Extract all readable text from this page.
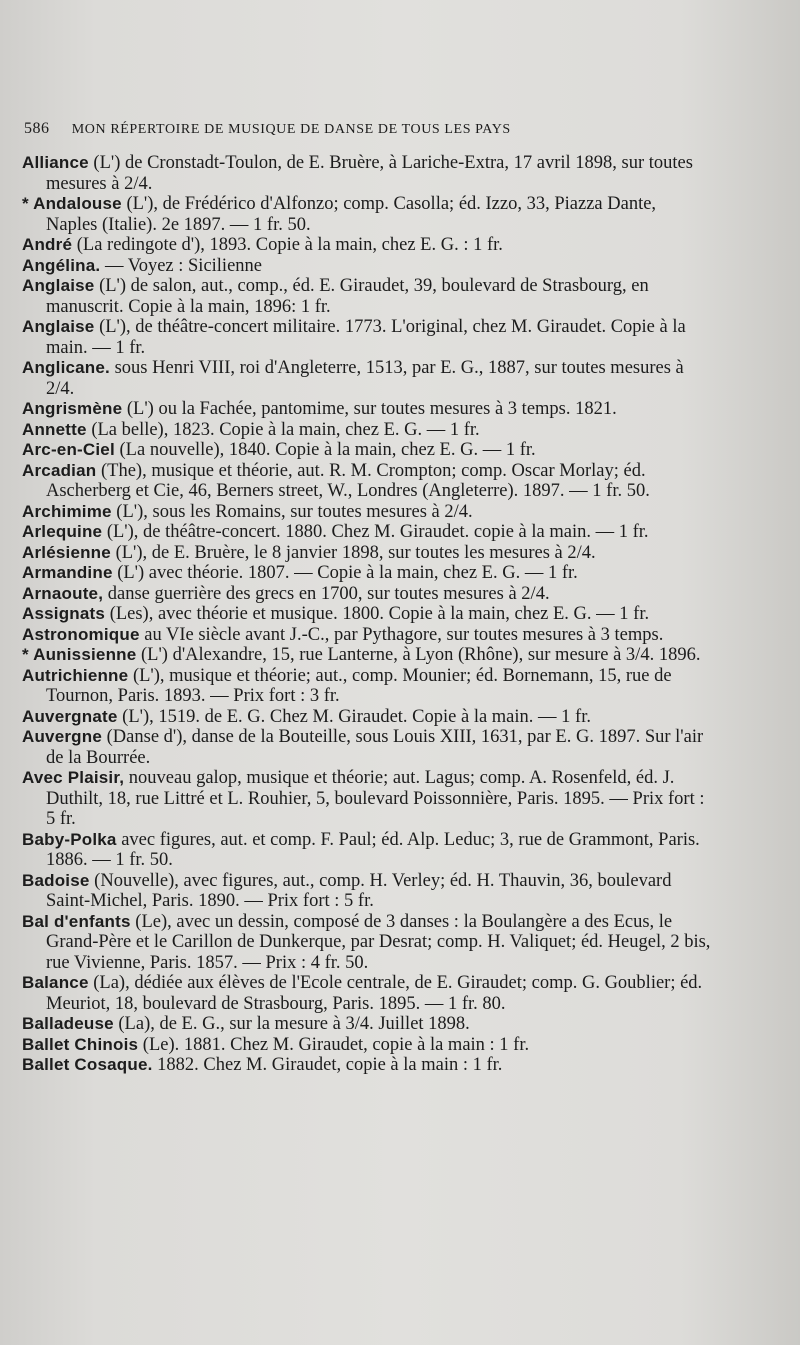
586 MON RÉPERTOIRE DE MUSIQUE DE DANSE DE TOUS LES PAYS

Alliance (L') de Cronstadt-Toulon, de E. Bruère, à Lariche-Extra, 17 avril 1898, sur toutes mesures à 2/4.

* Andalouse (L'), de Frédérico d'Alfonzo; comp. Casolla; éd. Izzo, 33, Piazza Dante, Naples (Italie). 2e 1897. — 1 fr. 50.

André (La redingote d'), 1893. Copie à la main, chez E. G. : 1 fr.

Angélina. — Voyez : Sicilienne

Anglaise (L') de salon, aut., comp., éd. E. Giraudet, 39, boulevard de Strasbourg, en manuscrit. Copie à la main, 1896: 1 fr.

Anglaise (L'), de théâtre-concert militaire. 1773. L'original, chez M. Giraudet. Copie à la main. — 1 fr.

Anglicane. sous Henri VIII, roi d'Angleterre, 1513, par E. G., 1887, sur toutes mesures à 2/4.

Angrismène (L') ou la Fachée, pantomime, sur toutes mesures à 3 temps. 1821.

Annette (La belle), 1823. Copie à la main, chez E. G. — 1 fr.

Arc-en-Ciel (La nouvelle), 1840. Copie à la main, chez E. G. — 1 fr.

Arcadian (The), musique et théorie, aut. R. M. Crompton; comp. Oscar Morlay; éd. Ascherberg et Cie, 46, Berners street, W., Londres (Angleterre). 1897. — 1 fr. 50.

Archimime (L'), sous les Romains, sur toutes mesures à 2/4.

Arlequine (L'), de théâtre-concert. 1880. Chez M. Giraudet. copie à la main. — 1 fr.

Arlésienne (L'), de E. Bruère, le 8 janvier 1898, sur toutes les mesures à 2/4.

Armandine (L') avec théorie. 1807. — Copie à la main, chez E. G. — 1 fr.

Arnaoute, danse guerrière des grecs en 1700, sur toutes mesures à 2/4.

Assignats (Les), avec théorie et musique. 1800. Copie à la main, chez E. G. — 1 fr.

Astronomique au VIe siècle avant J.-C., par Pythagore, sur toutes mesures à 3 temps.

* Aunissienne (L') d'Alexandre, 15, rue Lanterne, à Lyon (Rhône), sur mesure à 3/4. 1896.

Autrichienne (L'), musique et théorie; aut., comp. Mounier; éd. Bornemann, 15, rue de Tournon, Paris. 1893. — Prix fort : 3 fr.

Auvergnate (L'), 1519. de E. G. Chez M. Giraudet. Copie à la main. — 1 fr.

Auvergne (Danse d'), danse de la Bouteille, sous Louis XIII, 1631, par E. G. 1897. Sur l'air de la Bourrée.

Avec Plaisir, nouveau galop, musique et théorie; aut. Lagus; comp. A. Rosenfeld, éd. J. Duthilt, 18, rue Littré et L. Rouhier, 5, boulevard Poissonnière, Paris. 1895. — Prix fort : 5 fr.

Baby-Polka avec figures, aut. et comp. F. Paul; éd. Alp. Leduc; 3, rue de Grammont, Paris. 1886. — 1 fr. 50.

Badoise (Nouvelle), avec figures, aut., comp. H. Verley; éd. H. Thauvin, 36, boulevard Saint-Michel, Paris. 1890. — Prix fort : 5 fr.

Bal d'enfants (Le), avec un dessin, composé de 3 danses : la Boulangère a des Ecus, le Grand-Père et le Carillon de Dunkerque, par Desrat; comp. H. Valiquet; éd. Heugel, 2 bis, rue Vivienne, Paris. 1857. — Prix : 4 fr. 50.

Balance (La), dédiée aux élèves de l'Ecole centrale, de E. Giraudet; comp. G. Goublier; éd. Meuriot, 18, boulevard de Strasbourg, Paris. 1895. — 1 fr. 80.

Balladeuse (La), de E. G., sur la mesure à 3/4. Juillet 1898.

Ballet Chinois (Le). 1881. Chez M. Giraudet, copie à la main : 1 fr.

Ballet Cosaque. 1882. Chez M. Giraudet, copie à la main : 1 fr.
